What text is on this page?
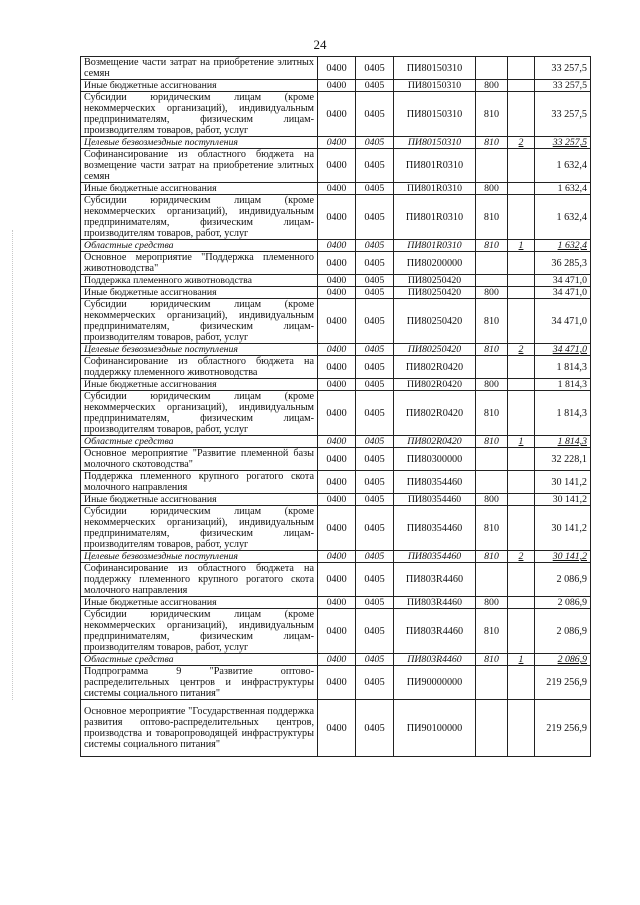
24
Возмещение части затрат на приобретение элитных семян	0400	0405	ПИ80150310			33 257,5
Иные бюджетные ассигнования	0400	0405	ПИ80150310	800		33 257,5
Субсидии юридическим лицам (кроме некоммерческих организаций), индивидуальным предпринимателям, физическим лицам-производителям товаров, работ, услуг	0400	0405	ПИ80150310	810		33 257,5
Целевые безвозмездные поступления	0400	0405	ПИ80150310	810	2	33 257,5
Софинансирование из областного бюджета на возмещение части затрат на приобретение элитных семян	0400	0405	ПИ801R0310			1 632,4
Иные бюджетные ассигнования	0400	0405	ПИ801R0310	800		1 632,4
Субсидии юридическим лицам (кроме некоммерческих организаций), индивидуальным предпринимателям, физическим лицам-производителям товаров, работ, услуг	0400	0405	ПИ801R0310	810		1 632,4
Областные средства	0400	0405	ПИ801R0310	810	1	1 632,4
Основное мероприятие "Поддержка племенного животноводства"	0400	0405	ПИ80200000			36 285,3
Поддержка племенного животноводства	0400	0405	ПИ80250420			34 471,0
Иные бюджетные ассигнования	0400	0405	ПИ80250420	800		34 471,0
Субсидии юридическим лицам (кроме некоммерческих организаций), индивидуальным предпринимателям, физическим лицам-производителям товаров, работ, услуг	0400	0405	ПИ80250420	810		34 471,0
Целевые безвозмездные поступления	0400	0405	ПИ80250420	810	2	34 471,0
Софинансирование из областного бюджета на поддержку племенного животноводства	0400	0405	ПИ802R0420			1 814,3
Иные бюджетные ассигнования	0400	0405	ПИ802R0420	800		1 814,3
Субсидии юридическим лицам (кроме некоммерческих организаций), индивидуальным предпринимателям, физическим лицам-производителям товаров, работ, услуг	0400	0405	ПИ802R0420	810		1 814,3
Областные средства	0400	0405	ПИ802R0420	810	1	1 814,3
Основное мероприятие "Развитие племенной базы молочного скотоводства"	0400	0405	ПИ80300000			32 228,1
Поддержка племенного крупного рогатого скота молочного направления	0400	0405	ПИ80354460			30 141,2
Иные бюджетные ассигнования	0400	0405	ПИ80354460	800		30 141,2
Субсидии юридическим лицам (кроме некоммерческих организаций), индивидуальным предпринимателям, физическим лицам-производителям товаров, работ, услуг	0400	0405	ПИ80354460	810		30 141,2
Целевые безвозмездные поступления	0400	0405	ПИ80354460	810	2	30 141,2
Софинансирование из областного бюджета на поддержку племенного крупного рогатого скота молочного направления	0400	0405	ПИ803R4460			2 086,9
Иные бюджетные ассигнования	0400	0405	ПИ803R4460	800		2 086,9
Субсидии юридическим лицам (кроме некоммерческих организаций), индивидуальным предпринимателям, физическим лицам-производителям товаров, работ, услуг	0400	0405	ПИ803R4460	810		2 086,9
Областные средства	0400	0405	ПИ803R4460	810	1	2 086,9
Подпрограмма 9 "Развитие оптово-распределительных центров и инфраструктуры системы социального питания"	0400	0405	ПИ90000000			219 256,9
Основное мероприятие "Государственная поддержка развития оптово-распределительных центров, производства и товаропроводящей инфраструктуры системы социального питания"	0400	0405	ПИ90100000			219 256,9
